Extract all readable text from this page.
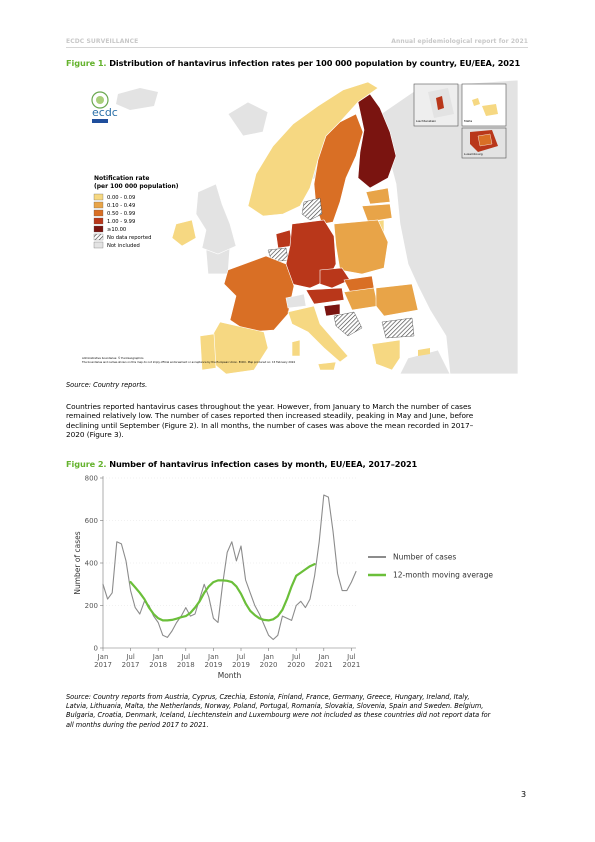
ECDC SURVEILLANCE	Annual epidemiological report for 2021
Figure 1. Distribution of hantavirus infection rates per 100 000 population by country, EU/EEA, 2021
ecdc
Notification rate
(per 100 000 population)
0.00 - 0.09
0.10 - 0.49
0.50 - 0.99
1.00 - 9.99
≥10.00
No data reported
Not included
Liechtenstein	Malta
Luxembourg
Administrative boundaries: © EuroGeographics
The boundaries and names shown on this map do not imply official endorsement or acceptance by the European Union. ECDC. Map produced on: 15 February 2024
Source: Country reports.
Countries reported hantavirus cases throughout the year. However, from January to March the number of cases
remained relatively low. The number of cases reported then increased steadily, peaking in May and June, before
declining until September (Figure 2). In all months, the number of cases was above the mean recorded in 2017–
2020 (Figure 3).
Figure 2. Number of hantavirus infection cases by month, EU/EEA, 2017–2021
0
200
400
600
800
Jan
2017
Jul
2017
Jan
2018
Jul
2018
Jan
2019
Jul
2019
Jan
2020
Jul
2020
Jan
2021
Jul
2021
Month
Number of cases	Number of cases
12-month moving average
Source: Country reports from Austria, Cyprus, Czechia, Estonia, Finland, France, Germany, Greece, Hungary, Ireland, Italy,
Latvia, Lithuania, Malta, the Netherlands, Norway, Poland, Portugal, Romania, Slovakia, Slovenia, Spain and Sweden. Belgium,
Bulgaria, Croatia, Denmark, Iceland, Liechtenstein and Luxembourg were not included as these countries did not report data for
all months during the period 2017 to 2021.
3
